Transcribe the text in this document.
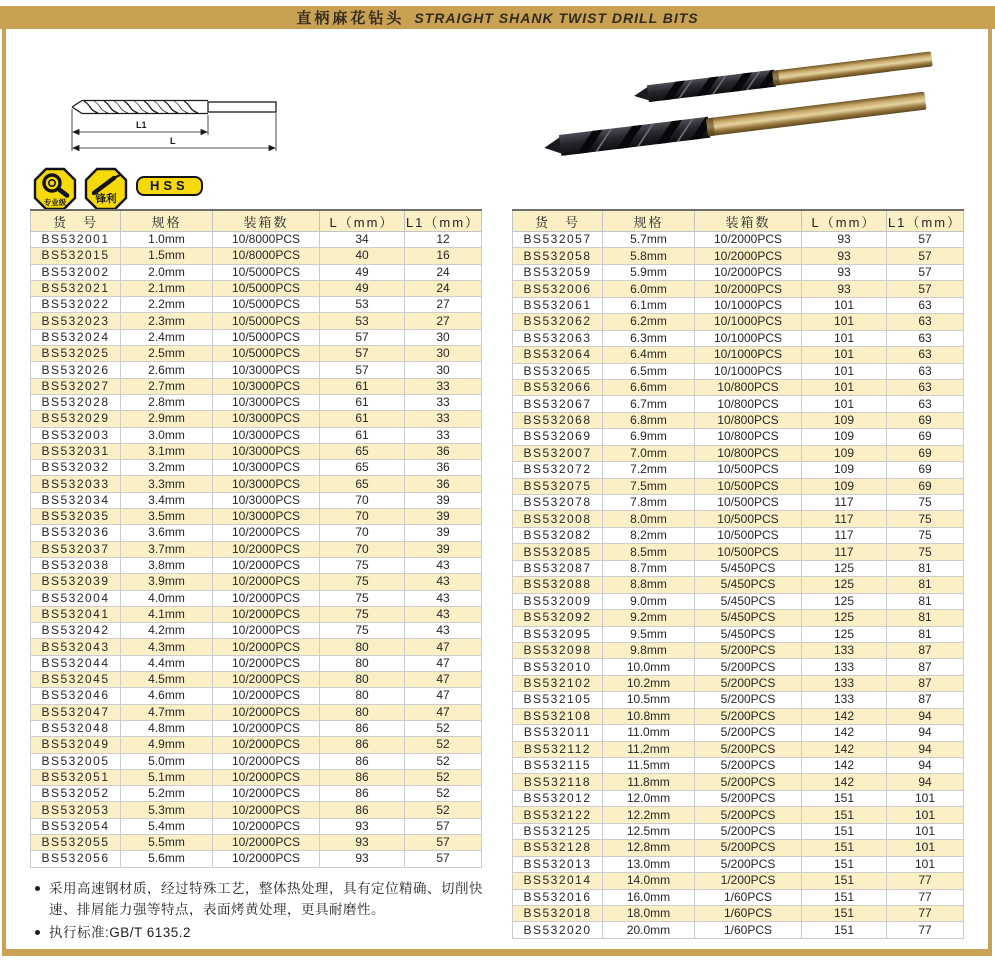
直柄麻花钻头 STRAIGHT SHANK TWIST DRILL BITS
L1
L
专业级	锋利
HSS
货　号	规格	装箱数	L（mm）	L1（mm）
BS532001	1.0mm	10/8000PCS	34	12
BS532015	1.5mm	10/8000PCS	40	16
BS532002	2.0mm	10/5000PCS	49	24
BS532021	2.1mm	10/5000PCS	49	24
BS532022	2.2mm	10/5000PCS	53	27
BS532023	2.3mm	10/5000PCS	53	27
BS532024	2.4mm	10/5000PCS	57	30
BS532025	2.5mm	10/5000PCS	57	30
BS532026	2.6mm	10/3000PCS	57	30
BS532027	2.7mm	10/3000PCS	61	33
BS532028	2.8mm	10/3000PCS	61	33
BS532029	2.9mm	10/3000PCS	61	33
BS532003	3.0mm	10/3000PCS	61	33
BS532031	3.1mm	10/3000PCS	65	36
BS532032	3.2mm	10/3000PCS	65	36
BS532033	3.3mm	10/3000PCS	65	36
BS532034	3.4mm	10/3000PCS	70	39
BS532035	3.5mm	10/3000PCS	70	39
BS532036	3.6mm	10/2000PCS	70	39
BS532037	3.7mm	10/2000PCS	70	39
BS532038	3.8mm	10/2000PCS	75	43
BS532039	3.9mm	10/2000PCS	75	43
BS532004	4.0mm	10/2000PCS	75	43
BS532041	4.1mm	10/2000PCS	75	43
BS532042	4.2mm	10/2000PCS	75	43
BS532043	4.3mm	10/2000PCS	80	47
BS532044	4.4mm	10/2000PCS	80	47
BS532045	4.5mm	10/2000PCS	80	47
BS532046	4.6mm	10/2000PCS	80	47
BS532047	4.7mm	10/2000PCS	80	47
BS532048	4.8mm	10/2000PCS	86	52
BS532049	4.9mm	10/2000PCS	86	52
BS532005	5.0mm	10/2000PCS	86	52
BS532051	5.1mm	10/2000PCS	86	52
BS532052	5.2mm	10/2000PCS	86	52
BS532053	5.3mm	10/2000PCS	86	52
BS532054	5.4mm	10/2000PCS	93	57
BS532055	5.5mm	10/2000PCS	93	57
BS532056	5.6mm	10/2000PCS	93	57
货　号	规格	装箱数	L（mm）	L1（mm）
BS532057	5.7mm	10/2000PCS	93	57
BS532058	5.8mm	10/2000PCS	93	57
BS532059	5.9mm	10/2000PCS	93	57
BS532006	6.0mm	10/2000PCS	93	57
BS532061	6.1mm	10/1000PCS	101	63
BS532062	6.2mm	10/1000PCS	101	63
BS532063	6.3mm	10/1000PCS	101	63
BS532064	6.4mm	10/1000PCS	101	63
BS532065	6.5mm	10/1000PCS	101	63
BS532066	6.6mm	10/800PCS	101	63
BS532067	6.7mm	10/800PCS	101	63
BS532068	6.8mm	10/800PCS	109	69
BS532069	6.9mm	10/800PCS	109	69
BS532007	7.0mm	10/800PCS	109	69
BS532072	7.2mm	10/500PCS	109	69
BS532075	7.5mm	10/500PCS	109	69
BS532078	7.8mm	10/500PCS	117	75
BS532008	8.0mm	10/500PCS	117	75
BS532082	8.2mm	10/500PCS	117	75
BS532085	8.5mm	10/500PCS	117	75
BS532087	8.7mm	5/450PCS	125	81
BS532088	8.8mm	5/450PCS	125	81
BS532009	9.0mm	5/450PCS	125	81
BS532092	9.2mm	5/450PCS	125	81
BS532095	9.5mm	5/450PCS	125	81
BS532098	9.8mm	5/200PCS	133	87
BS532010	10.0mm	5/200PCS	133	87
BS532102	10.2mm	5/200PCS	133	87
BS532105	10.5mm	5/200PCS	133	87
BS532108	10.8mm	5/200PCS	142	94
BS532011	11.0mm	5/200PCS	142	94
BS532112	11.2mm	5/200PCS	142	94
BS532115	11.5mm	5/200PCS	142	94
BS532118	11.8mm	5/200PCS	142	94
BS532012	12.0mm	5/200PCS	151	101
BS532122	12.2mm	5/200PCS	151	101
BS532125	12.5mm	5/200PCS	151	101
BS532128	12.8mm	5/200PCS	151	101
BS532013	13.0mm	5/200PCS	151	101
BS532014	14.0mm	1/200PCS	151	77
BS532016	16.0mm	1/60PCS	151	77
BS532018	18.0mm	1/60PCS	151	77
BS532020	20.0mm	1/60PCS	151	77
采用高速钢材质，经过特殊工艺，整体热处理，具有定位精确、切削快速、排屑能力强等特点，表面烤黄处理，更具耐磨性。
执行标准:GB/T 6135.2
